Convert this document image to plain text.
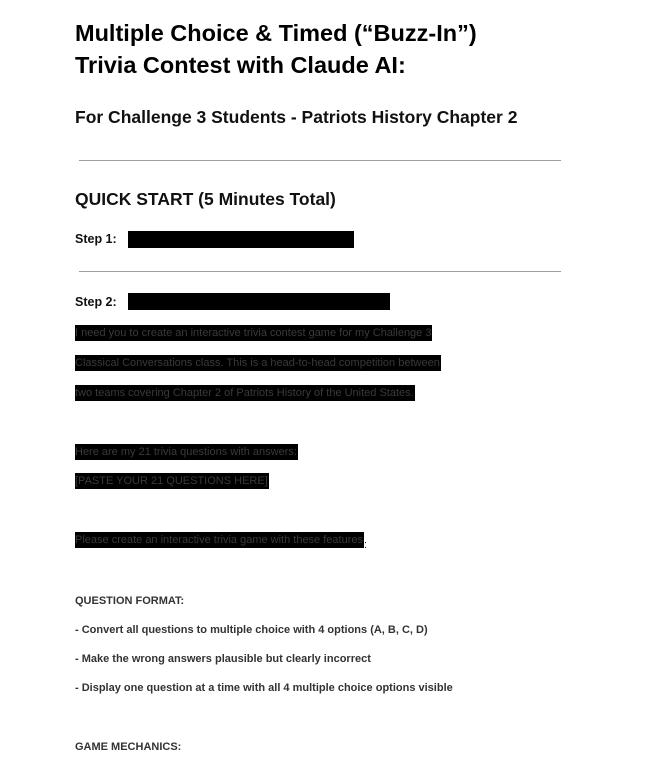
Multiple Choice & Timed (“Buzz-In”)
Trivia Contest with Claude AI:
For Challenge 3 Students - Patriots History Chapter 2
QUICK START (5 Minutes Total)
Step 1:
Step 2:
I need you to create an interactive trivia contest game for my Challenge 3
Classical Conversations class. This is a head-to-head competition between
two teams covering Chapter 2 of Patriots History of the United States.
Here are my 21 trivia questions with answers:
[PASTE YOUR 21 QUESTIONS HERE]
Please create an interactive trivia game with these features:
QUESTION FORMAT:
- Convert all questions to multiple choice with 4 options (A, B, C, D)
- Make the wrong answers plausible but clearly incorrect
- Display one question at a time with all 4 multiple choice options visible
GAME MECHANICS:
